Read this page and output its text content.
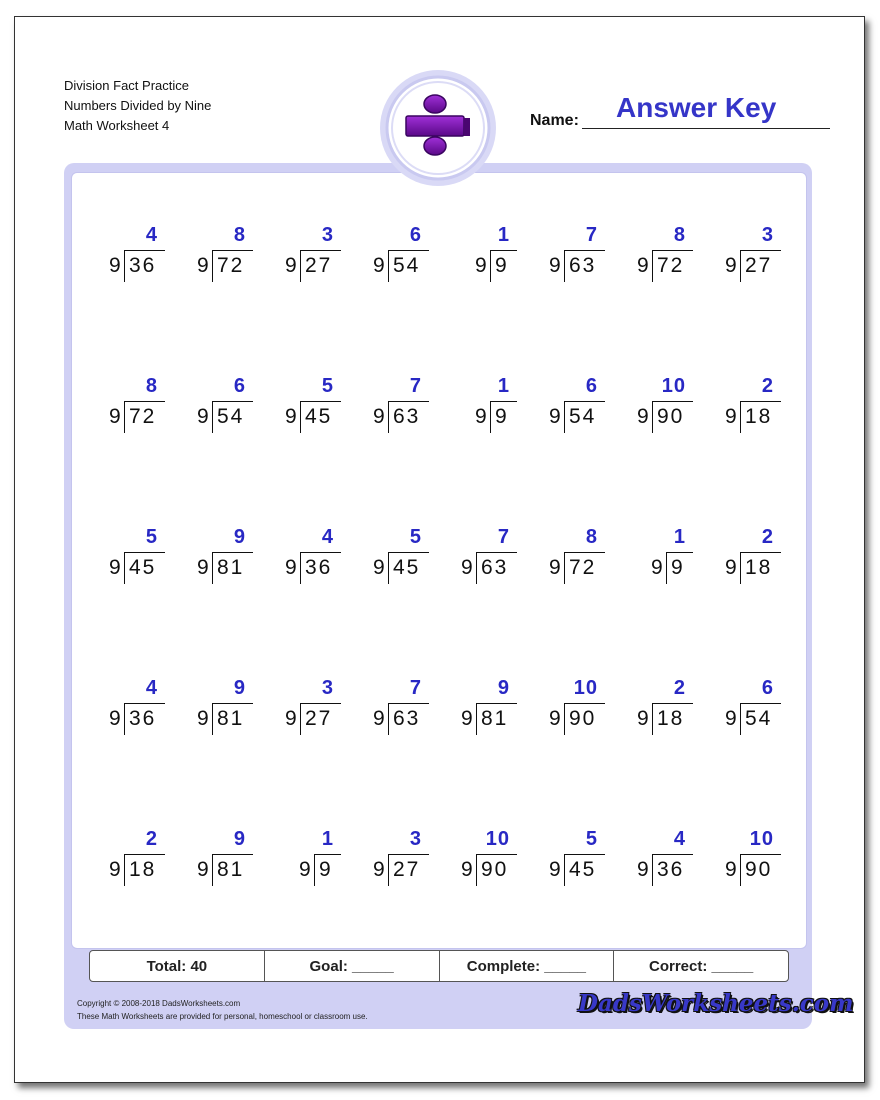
Division Fact Practice
Numbers Divided by Nine
Math Worksheet 4	Name: Answer Key
4
9 36
8
9 72
3
9 27
6
9 54
1
9 9
7
9 63
8
9 72
3
9 27
8
9 72
6
9 54
5
9 45
7
9 63
1
9 9
6
9 54
10
9 90
2
9 18
5
9 45
9
9 81
4
9 36
5
9 45
7
9 63
8
9 72
1
9 9
2
9 18
4
9 36
9
9 81
3
9 27
7
9 63
9
9 81
10
9 90
2
9 18
6
9 54
2
9 18
9
9 81
1
9 9
3
9 27
10
9 90
5
9 45
4
9 36
10
9 90
Total: 40	Goal: _____	Complete: _____	Correct: _____
Copyright © 2008-2018 DadsWorksheets.com
These Math Worksheets are provided for personal, homeschool or classroom use.	DadsWorksheets.com
